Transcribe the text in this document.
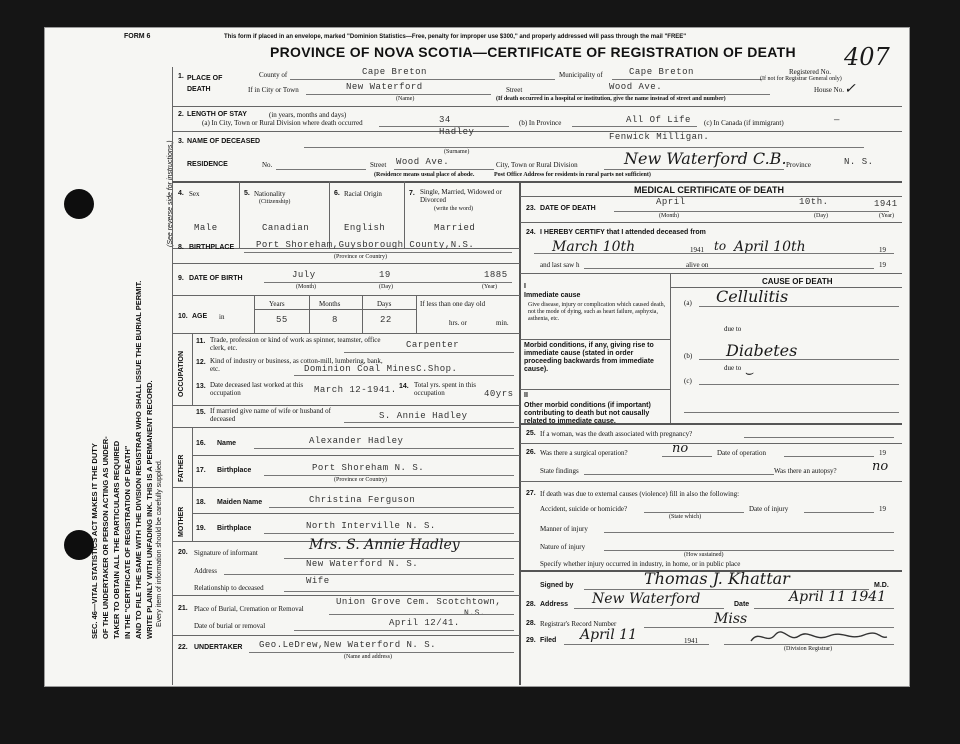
FORM 6	This form if placed in an envelope, marked "Dominion Statistics—Free, penalty for improper use $300," and properly addressed will pass through the mail "FREE"
PROVINCE OF NOVA SCOTIA—CERTIFICATE OF REGISTRATION OF DEATH 407
SEC. 46—VITAL STATISTICS ACT MAKES IT THE DUTY OF THE UNDERTAKER OR PERSON ACTING AS UNDER- TAKER TO OBTAIN ALL THE PARTICULARS REQUIRED IN THE "CERTIFICATE OF REGISTRATION OF DEATH" AND TO FILE THE SAME WITH THE DIVISION REGISTRAR WHO SHALL ISSUE THE BURIAL PERMIT. WRITE PLAINLY WITH UNFADING INK. THIS IS A PERMANENT RECORD. Every item of information should be carefully supplied.
(See reverse side for instructions.)
1. PLACE OF DEATH
County of	Cape Breton	Municipality of	Cape Breton	Registered No.
(If not for Registrar General only)
If in City or Town	New Waterford
(Name)
Street	Wood Ave.	House No.
(If death occurred in a hospital or institution, give the name instead of street and number)
✓
2. LENGTH OF STAY	(in years, months and days)
(a) In City, Town or Rural Division where death occurred	34	(b) In Province	All Of Life (c) In Canada (if immigrant)	—
3. NAME OF DECEASED
Hadley	Fenwick Milligan.
(Surname)
RESIDENCE	No.	Street Wood Ave.	City, Town or Rural Division	New Waterford C.B. Province	N. S.
(Residence means usual place of abode.	Post Office Address for residents in rural parts not sufficient)
4. Sex	5. Nationality
(Citizenship)
6. Racial Origin	7. Single, Married, Widowed or Divorced
(write the word)
Male	Canadian	English	Married
8. BIRTHPLACE Port Shoreham,Guysborough County,N.S.
(Province or Country)
9. DATE OF BIRTH	July	19	1885
(Month)	(Day)	(Year)
10. AGE in
Years	Months	Days	If less than one day old
55	8	22	hrs. or	min.
OCCUPATION
11. Trade, profession or kind of work as spinner, teamster, office clerk, etc.	Carpenter
12. Kind of industry or business, as cotton-mill, lumbering, bank, etc.	Dominion Coal MinesC.Shop.
13. Date deceased last worked at this occupation	March 12-1941. 14. Total yrs. spent in this occupation	40yrs
15. If married give name of wife or husband of deceased	S. Annie Hadley
FATHER
16. Name	Alexander Hadley
17. Birthplace	Port Shoreham N. S.
(Province or Country)
MOTHER
18. Maiden Name	Christina Ferguson
19. Birthplace	North Interville N. S.
20. Signature of informant	Mrs. S. Annie Hadley
Address
New Waterford N. S.
Relationship to deceased
Wife
21. Place of Burial, Cremation or Removal
Union Grove Cem. Scotchtown,
N.S.
Date of burial or removal	April 12/41.
22. UNDERTAKER Geo.LeDrew,New Waterford N. S.
(Name and address)
MEDICAL CERTIFICATE OF DEATH
23. DATE OF DEATH
April	10th.	1941
(Month)	(Day)	(Year)
24. I HEREBY CERTIFY that I attended deceased from
March 10th	1941 to April 10th	19
and last saw h	alive on	19
CAUSE OF DEATH
I
Immediate cause
Give disease, injury or complication which caused death, not the mode of dying, such as heart failure, asphyxia, asthenia, etc.
(a) Cellulitis
due to
Morbid conditions, if any, giving rise to immediate cause (stated in order proceeding backwards from immediate cause).
(b) Diabetes
due to
(c)	⌣
II
Other morbid conditions (if important) contributing to death but not causally related to immediate cause.
25. If a woman, was the death associated with pregnancy?
26. Was there a surgical operation?	no	Date of operation	19
State findings	Was there an autopsy?	no
27. If death was due to external causes (violence) fill in also the following:
Accident, suicide or homicide?
(State which)
Date of injury	19
Manner of injury
Nature of injury
(How sustained)
Specify whether injury occurred in industry, in home, or in public place
Signed by	Thomas J. Khattar	M.D.
28. Address New Waterford	Date	April 11 1941
28. Registrar's Record Number	Miss
29. Filed April 11	1941
(Division Registrar)
